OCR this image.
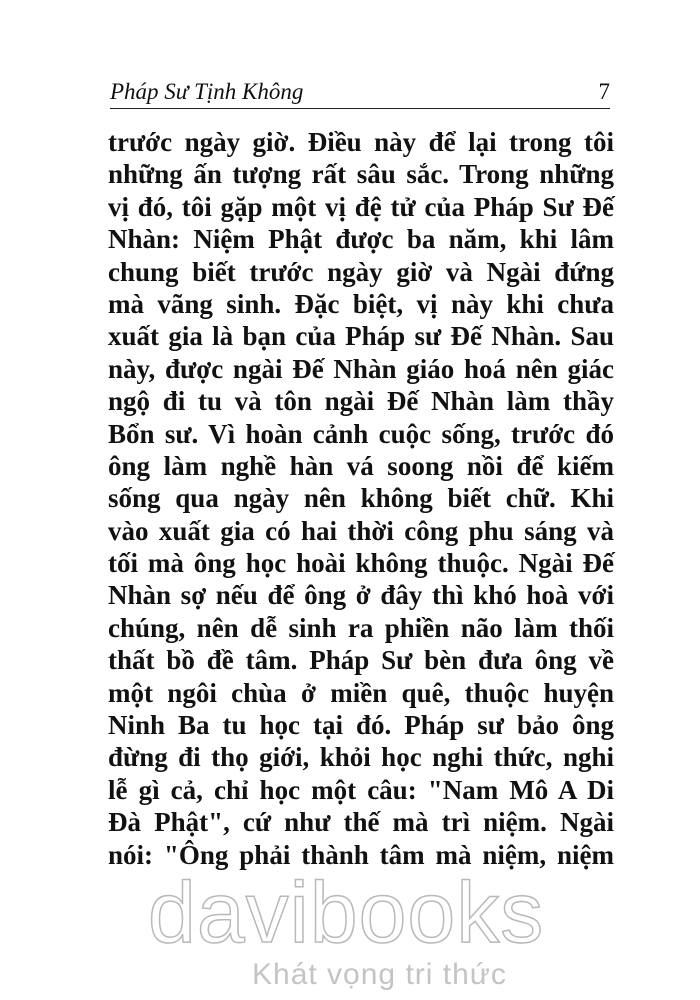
Pháp Sư Tịnh Không	7
trước ngày giờ. Điều này để lại trong tôi
những ấn tượng rất sâu sắc. Trong những
vị đó, tôi gặp một vị đệ tử của Pháp Sư Đế
Nhàn: Niệm Phật được ba năm, khi lâm
chung biết trước ngày giờ và Ngài đứng
mà vãng sinh. Đặc biệt, vị này khi chưa
xuất gia là bạn của Pháp sư Đế Nhàn. Sau
này, được ngài Đế Nhàn giáo hoá nên giác
ngộ đi tu và tôn ngài Đế Nhàn làm thầy
Bổn sư. Vì hoàn cảnh cuộc sống, trước đó
ông làm nghề hàn vá soong nồi để kiếm
sống qua ngày nên không biết chữ. Khi
vào xuất gia có hai thời công phu sáng và
tối mà ông học hoài không thuộc. Ngài Đế
Nhàn sợ nếu để ông ở đây thì khó hoà với
chúng, nên dễ sinh ra phiền não làm thối
thất bồ đề tâm. Pháp Sư bèn đưa ông về
một ngôi chùa ở miền quê, thuộc huyện
Ninh Ba tu học tại đó. Pháp sư bảo ông
đừng đi thọ giới, khỏi học nghi thức, nghi
lễ gì cả, chỉ học một câu: "Nam Mô A Di
Đà Phật", cứ như thế mà trì niệm. Ngài
nói: "Ông phải thành tâm mà niệm, niệm
davibooks
Khát vọng tri thức
